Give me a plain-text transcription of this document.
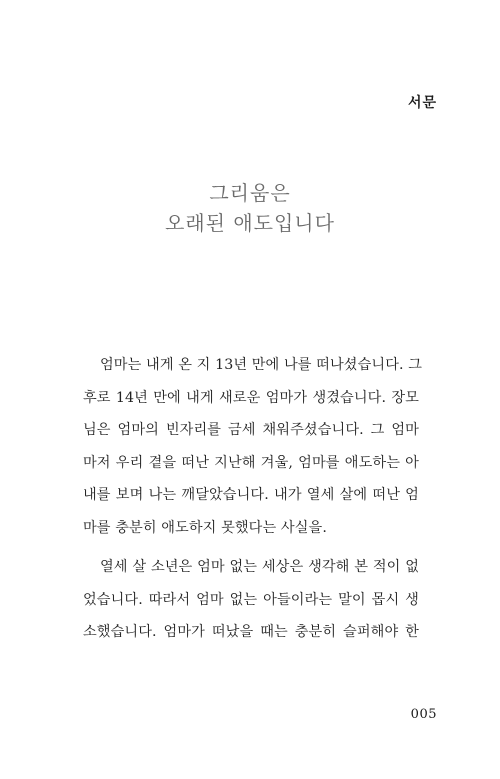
서문
그리움은
오래된 애도입니다
엄마는 내게 온 지 13년 만에 나를 떠나셨습니다. 그
후로 14년 만에 내게 새로운 엄마가 생겼습니다. 장모
님은 엄마의 빈자리를 금세 채워주셨습니다. 그 엄마
마저 우리 곁을 떠난 지난해 겨울, 엄마를 애도하는 아
내를 보며 나는 깨달았습니다. 내가 열세 살에 떠난 엄
마를 충분히 애도하지 못했다는 사실을.
열세 살 소년은 엄마 없는 세상은 생각해 본 적이 없
었습니다. 따라서 엄마 없는 아들이라는 말이 몹시 생
소했습니다. 엄마가 떠났을 때는 충분히 슬퍼해야 한
005
